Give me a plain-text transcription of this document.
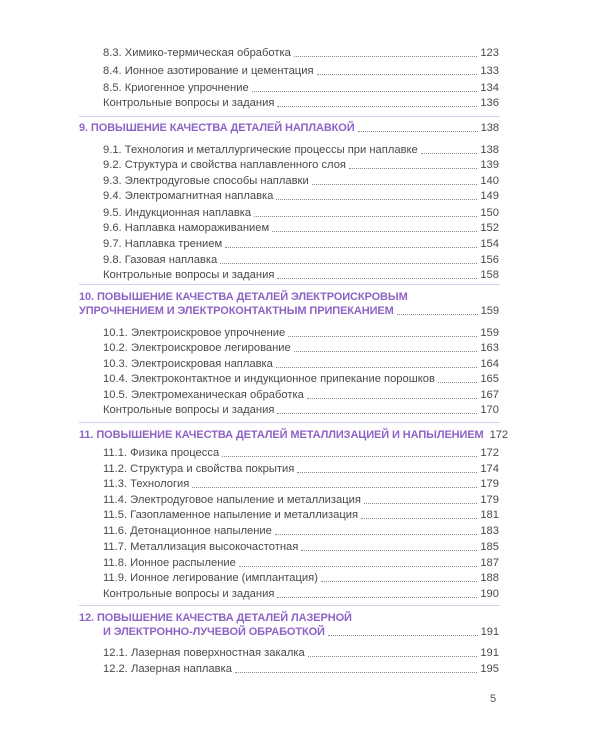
8.3. Химико-термическая обработка	123
8.4. Ионное азотирование и цементация	133
8.5. Криогенное упрочнение	134
Контрольные вопросы и задания	136
9. ПОВЫШЕНИЕ КАЧЕСТВА ДЕТАЛЕЙ НАПЛАВКОЙ	138
9.1. Технология и металлургические процессы при наплавке	138
9.2. Структура и свойства наплавленного слоя	139
9.3. Электродуговые способы наплавки	140
9.4. Электромагнитная наплавка	149
9.5. Индукционная наплавка	150
9.6. Наплавка намораживанием	152
9.7. Наплавка трением	154
9.8. Газовая наплавка	156
Контрольные вопросы и задания	158
10. ПОВЫШЕНИЕ КАЧЕСТВА ДЕТАЛЕЙ ЭЛЕКТРОИСКРОВЫМ
УПРОЧНЕНИЕМ И ЭЛЕКТРОКОНТАКТНЫМ ПРИПЕКАНИЕМ	159
10.1. Электроискровое упрочнение	159
10.2. Электроискровое легирование	163
10.3. Электроискровая наплавка	164
10.4. Электроконтактное и индукционное припекание порошков	165
10.5. Электромеханическая обработка	167
Контрольные вопросы и задания	170
11. ПОВЫШЕНИЕ КАЧЕСТВА ДЕТАЛЕЙ МЕТАЛЛИЗАЦИЕЙ И НАПЫЛЕНИЕМ 172
11.1. Физика процесса	172
11.2. Структура и свойства покрытия	174
11.3. Технология	179
11.4. Электродуговое напыление и металлизация	179
11.5. Газопламенное напыление и металлизация	181
11.6. Детонационное напыление	183
11.7. Металлизация высокочастотная	185
11.8. Ионное распыление	187
11.9. Ионное легирование (имплантация)	188
Контрольные вопросы и задания	190
12. ПОВЫШЕНИЕ КАЧЕСТВА ДЕТАЛЕЙ ЛАЗЕРНОЙ
И ЭЛЕКТРОННО-ЛУЧЕВОЙ ОБРАБОТКОЙ	191
12.1. Лазерная поверхностная закалка	191
12.2. Лазерная наплавка	195
5
